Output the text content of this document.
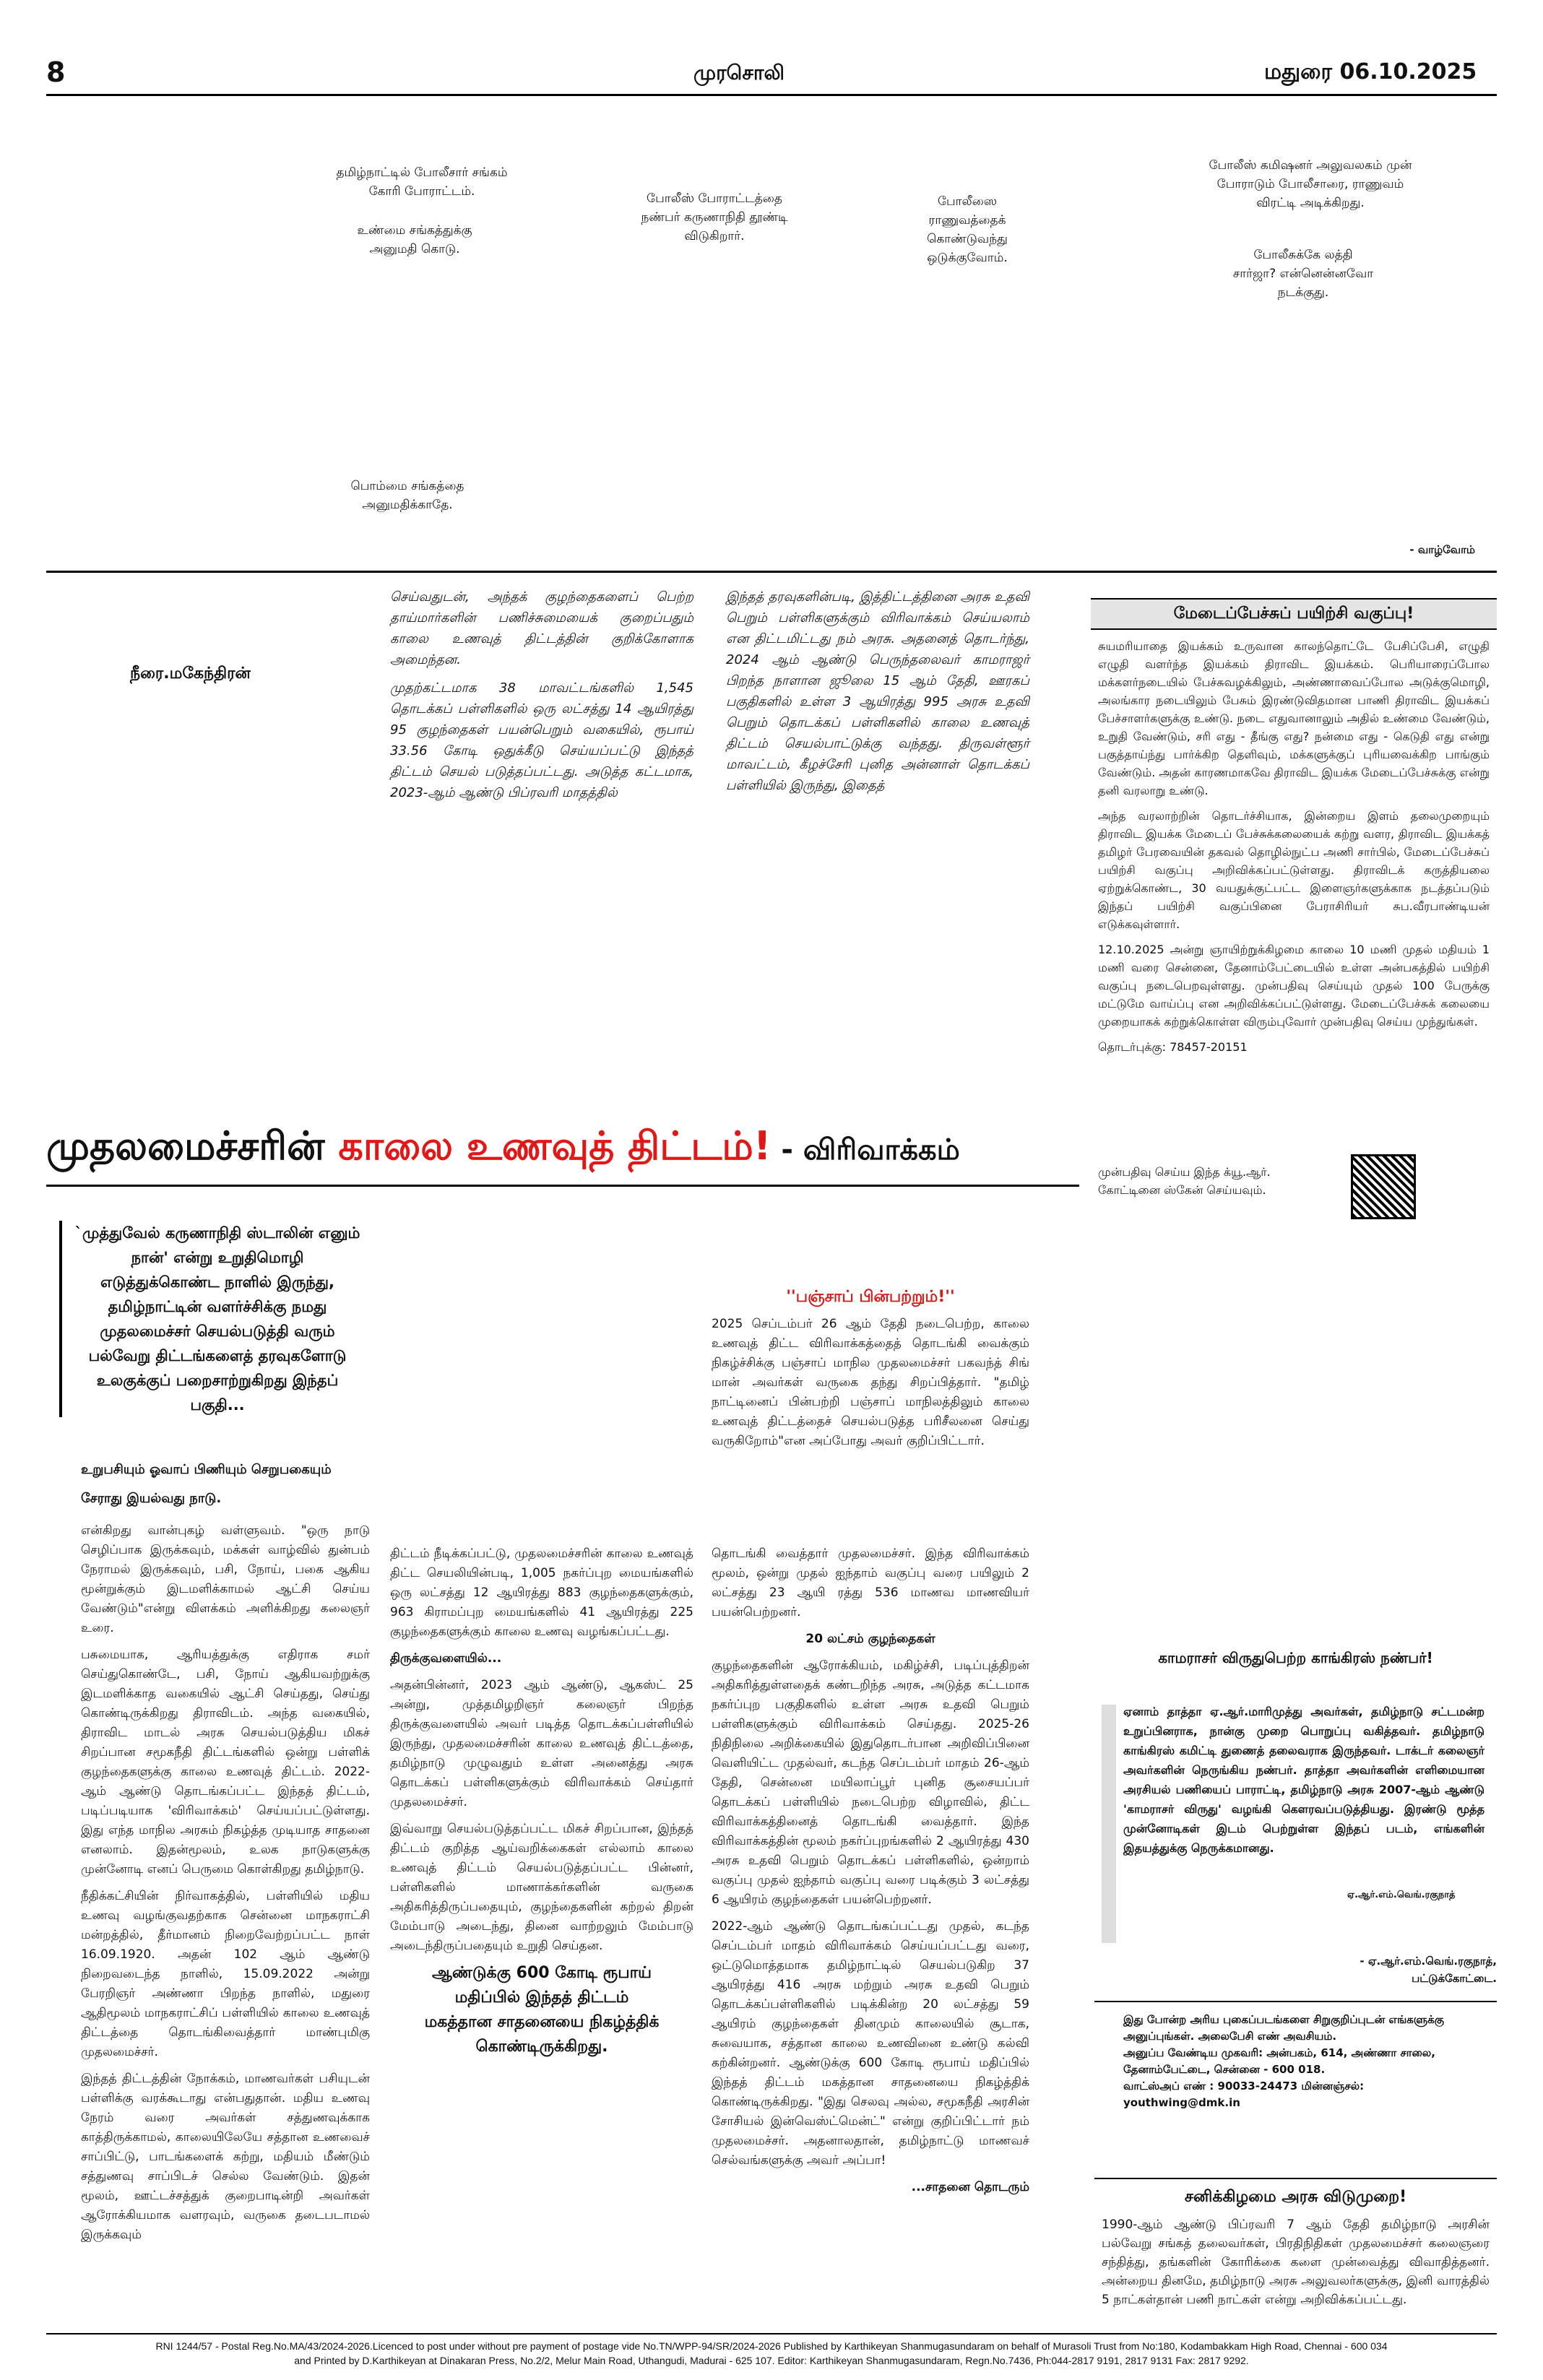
8	முரசொலி	மதுரை 06.10.2025
தமிழ்நாட்டில் போலீசார் சங்கம் கோரி போராட்டம்.
உண்மை சங்கத்துக்கு அனுமதி கொடு.
போலீஸ் போராட்டத்தை நண்பர் கருணாநிதி தூண்டி விடுகிறார்.
போலீஸை ராணுவத்தைக் கொண்டுவந்து ஒடுக்குவோம்.
போலீஸ் கமிஷனர் அலுவலகம் முன் போராடும் போலீசாரை, ராணுவம் விரட்டி அடிக்கிறது.
போலீசுக்கே லத்தி சார்ஜா? என்னென்னவோ நடக்குது.
பொம்மை சங்கத்தை அனுமதிக்காதே.
- வாழ்வோம்
நீரை.மகேந்திரன்

செய்வதுடன், அந்தக் குழந்தைகளைப் பெற்ற தாய்மார்களின் பணிச்சுமையைக் குறைப்பதும் காலை உணவுத் திட்டத்தின் குறிக்கோளாக அமைந்தன.

முதற்கட்டமாக 38 மாவட்டங்களில் 1,545 தொடக்கப் பள்ளிகளில் ஒரு லட்சத்து 14 ஆயிரத்து 95 குழந்தைகள் பயன்பெறும் வகையில், ரூபாய் 33.56 கோடி ஒதுக்கீடு செய்யப்பட்டு இந்தத் திட்டம் செயல் படுத்தப்பட்டது. அடுத்த கட்டமாக, 2023-ஆம் ஆண்டு பிப்ரவரி மாதத்தில்

இந்தத் தரவுகளின்படி, இத்திட்டத்தினை அரசு உதவி பெறும் பள்ளிகளுக்கும் விரிவாக்கம் செய்யலாம் என திட்டமிட்டது நம் அரசு. அதனைத் தொடர்ந்து, 2024 ஆம் ஆண்டு பெருந்தலைவர் காமராஜர் பிறந்த நாளான ஜூலை 15 ஆம் தேதி, ஊரகப் பகுதிகளில் உள்ள 3 ஆயிரத்து 995 அரசு உதவி பெறும் தொடக்கப் பள்ளிகளில் காலை உணவுத் திட்டம் செயல்பாட்டுக்கு வந்தது. திருவள்ளூர் மாவட்டம், கீழச்சேரி புனித அன்னாள் தொடக்கப் பள்ளியில் இருந்து, இதைத்

மேடைப்பேச்சுப் பயிற்சி வகுப்பு!

சுயமரியாதை இயக்கம் உருவான காலந்தொட்டே பேசிப்பேசி, எழுதி எழுதி வளர்ந்த இயக்கம் திராவிட இயக்கம். பெரியாரைப்போல மக்களர்நடையில் பேச்சுவழக்கிலும், அண்ணாவைப்போல அடுக்குமொழி, அலங்கார நடையிலும் பேசும் இரண்டுவிதமான பாணி திராவிட இயக்கப் பேச்சாளர்களுக்கு உண்டு. நடை எதுவானாலும் அதில் உண்மை வேண்டும், உறுதி வேண்டும், சரி எது - தீங்கு எது? நன்மை எது - கெடுதி எது என்று பகுத்தாய்ந்து பார்க்கிற தெளிவும், மக்களுக்குப் புரியவைக்கிற பாங்கும் வேண்டும். அதன் காரணமாகவே திராவிட இயக்க மேடைப்பேச்சுக்கு என்று தனி வரலாறு உண்டு.

அந்த வரலாற்றின் தொடர்ச்சியாக, இன்றைய இளம் தலைமுறையும் திராவிட இயக்க மேடைப் பேச்சுக்கலையைக் கற்று வளர, திராவிட இயக்கத் தமிழர் பேரவையின் தகவல் தொழில்நுட்ப அணி சார்பில், மேடைப்பேச்சுப் பயிற்சி வகுப்பு அறிவிக்கப்பட்டுள்ளது. திராவிடக் கருத்தியலை ஏற்றுக்கொண்ட, 30 வயதுக்குட்பட்ட இளைஞர்களுக்காக நடத்தப்படும் இந்தப் பயிற்சி வகுப்பினை பேராசிரியர் சுப.வீரபாண்டியன் எடுக்கவுள்ளார்.

12.10.2025 அன்று ஞாயிற்றுக்கிழமை காலை 10 மணி முதல் மதியம் 1 மணி வரை சென்னை, தேனாம்பேட்டையில் உள்ள அன்பகத்தில் பயிற்சி வகுப்பு நடைபெறவுள்ளது. முன்பதிவு செய்யும் முதல் 100 பேருக்கு மட்டுமே வாய்ப்பு என அறிவிக்கப்பட்டுள்ளது. மேடைப்பேச்சுக் கலையை முறையாகக் கற்றுக்கொள்ள விரும்புவோர் முன்பதிவு செய்ய முந்துங்கள்.

தொடர்புக்கு: 78457-20151

முன்பதிவு செய்ய இந்த க்யூ.ஆர். கோட்டினை ஸ்கேன் செய்யவும்.
முதலமைச்சரின் காலை உணவுத் திட்டம்! - விரிவாக்கம்
`முத்துவேல் கருணாநிதி ஸ்டாலின் எனும் நான்' என்று உறுதிமொழி எடுத்துக்கொண்ட நாளில் இருந்து, தமிழ்நாட்டின் வளர்ச்சிக்கு நமது முதலமைச்சர் செயல்படுத்தி வரும் பல்வேறு திட்டங்களைத் தரவுகளோடு உலகுக்குப் பறைசாற்றுகிறது இந்தப் பகுதி...

உறுபசியும் ஓவாப் பிணியும் செறுபகையும்

சேராது இயல்வது நாடு.

என்கிறது வான்புகழ் வள்ளுவம். "ஒரு நாடு செழிப்பாக இருக்கவும், மக்கள் வாழ்வில் துன்பம் நேராமல் இருக்கவும், பசி, நோய், பகை ஆகிய மூன்றுக்கும் இடமளிக்காமல் ஆட்சி செய்ய வேண்டும்"என்று விளக்கம் அளிக்கிறது கலைஞர் உரை.

பசுமையாக, ஆரியத்துக்கு எதிராக சமர் செய்துகொண்டே, பசி, நோய் ஆகியவற்றுக்கு இடமளிக்காத வகையில் ஆட்சி செய்தது, செய்து கொண்டிருக்கிறது திராவிடம். அந்த வகையில், திராவிட மாடல் அரசு செயல்படுத்திய மிகச் சிறப்பான சமூகநீதி திட்டங்களில் ஒன்று பள்ளிக் குழந்தைகளுக்கு காலை உணவுத் திட்டம். 2022-ஆம் ஆண்டு தொடங்கப்பட்ட இந்தத் திட்டம், படிப்படியாக 'விரிவாக்கம்' செய்யப்பட்டுள்ளது. இது எந்த மாநில அரசும் நிகழ்த்த முடியாத சாதனை எனலாம். இதன்மூலம், உலக நாடுகளுக்கு முன்னோடி எனப் பெருமை கொள்கிறது தமிழ்நாடு.

நீதிக்கட்சியின் நிர்வாகத்தில், பள்ளியில் மதிய உணவு வழங்குவதற்காக சென்னை மாநகராட்சி மன்றத்தில், தீர்மானம் நிறைவேற்றப்பட்ட நாள் 16.09.1920. அதன் 102 ஆம் ஆண்டு நிறைவடைந்த நாளில், 15.09.2022 அன்று பேரறிஞர் அண்ணா பிறந்த நாளில், மதுரை ஆதிமூலம் மாநகராட்சிப் பள்ளியில் காலை உணவுத் திட்டத்தை தொடங்கிவைத்தார் மாண்புமிகு முதலமைச்சர்.

இந்தத் திட்டத்தின் நோக்கம், மாணவர்கள் பசியுடன் பள்ளிக்கு வரக்கூடாது என்பதுதான். மதிய உணவு நேரம் வரை அவர்கள் சத்துணவுக்காக காத்திருக்காமல், காலையிலேயே சத்தான உணவைச் சாப்பிட்டு, பாடங்களைக் கற்று, மதியம் மீண்டும் சத்துணவு சாப்பிடச் செல்ல வேண்டும். இதன் மூலம், ஊட்டச்சத்துக் குறைபாடின்றி அவர்கள் ஆரோக்கியமாக வளரவும், வருகை தடைபடாமல் இருக்கவும்

திட்டம் நீடிக்கப்பட்டு, முதலமைச்சரின் காலை உணவுத் திட்ட செயலியின்படி, 1,005 நகர்ப்புற மையங்களில் ஒரு லட்சத்து 12 ஆயிரத்து 883 குழந்தைகளுக்கும், 963 கிராமப்புற மையங்களில் 41 ஆயிரத்து 225 குழந்தைகளுக்கும் காலை உணவு வழங்கப்பட்டது.

திருக்குவளையில்...

அதன்பின்னர், 2023 ஆம் ஆண்டு, ஆகஸ்ட் 25 அன்று, முத்தமிழறிஞர் கலைஞர் பிறந்த திருக்குவளையில் அவர் படித்த தொடக்கப்பள்ளியில் இருந்து, முதலமைச்சரின் காலை உணவுத் திட்டத்தை, தமிழ்நாடு முழுவதும் உள்ள அனைத்து அரசு தொடக்கப் பள்ளிகளுக்கும் விரிவாக்கம் செய்தார் முதலமைச்சர்.

இவ்வாறு செயல்படுத்தப்பட்ட மிகச் சிறப்பான, இந்தத் திட்டம் குறித்த ஆய்வறிக்கைகள் எல்லாம் காலை உணவுத் திட்டம் செயல்படுத்தப்பட்ட பின்னர், பள்ளிகளில் மாணாக்கர்களின் வருகை அதிகரித்திருப்பதையும், குழந்தைகளின் கற்றல் திறன் மேம்பாடு அடைந்து, தினை வாற்றலும் மேம்பாடு அடைந்திருப்பதையும் உறுதி செய்தன.

ஆண்டுக்கு 600 கோடி ரூபாய் மதிப்பில் இந்தத் திட்டம் மகத்தான சாதனையை நிகழ்த்திக் கொண்டிருக்கிறது.

''பஞ்சாப் பின்பற்றும்!''

2025 செப்டம்பர் 26 ஆம் தேதி நடைபெற்ற, காலை உணவுத் திட்ட விரிவாக்கத்தைத் தொடங்கி வைக்கும் நிகழ்ச்சிக்கு பஞ்சாப் மாநில முதலமைச்சர் பகவந்த் சிங் மான் அவர்கள் வருகை தந்து சிறப்பித்தார். "தமிழ் நாட்டினைப் பின்பற்றி பஞ்சாப் மாநிலத்திலும் காலை உணவுத் திட்டத்தைச் செயல்படுத்த பரிசீலனை செய்து வருகிறோம்"என அப்போது அவர் குறிப்பிட்டார்.

தொடங்கி வைத்தார் முதலமைச்சர். இந்த விரிவாக்கம் மூலம், ஒன்று முதல் ஐந்தாம் வகுப்பு வரை பயிலும் 2 லட்சத்து 23 ஆயி ரத்து 536 மாணவ மாணவியர் பயன்பெற்றனர்.

20 லட்சம் குழந்தைகள்

குழந்தைகளின் ஆரோக்கியம், மகிழ்ச்சி, படிப்புத்திறன் அதிகரித்துள்ளதைக் கண்டறிந்த அரசு, அடுத்த கட்டமாக நகர்ப்புற பகுதிகளில் உள்ள அரசு உதவி பெறும் பள்ளிகளுக்கும் விரிவாக்கம் செய்தது. 2025-26 நிதிநிலை அறிக்கையில் இதுதொடர்பான அறிவிப்பினை வெளியிட்ட முதல்வர், கடந்த செப்டம்பர் மாதம் 26-ஆம் தேதி, சென்னை மயிலாப்பூர் புனித சூசையப்பர் தொடக்கப் பள்ளியில் நடைபெற்ற விழாவில், திட்ட விரிவாக்கத்தினைத் தொடங்கி வைத்தார். இந்த விரிவாக்கத்தின் மூலம் நகர்ப்புறங்களில் 2 ஆயிரத்து 430 அரசு உதவி பெறும் தொடக்கப் பள்ளிகளில், ஒன்றாம் வகுப்பு முதல் ஐந்தாம் வகுப்பு வரை படிக்கும் 3 லட்சத்து 6 ஆயிரம் குழந்தைகள் பயன்பெற்றனர்.

2022-ஆம் ஆண்டு தொடங்கப்பட்டது முதல், கடந்த செப்டம்பர் மாதம் விரிவாக்கம் செய்யப்பட்டது வரை, ஒட்டுமொத்தமாக தமிழ்நாட்டில் செயல்படுகிற 37 ஆயிரத்து 416 அரசு மற்றும் அரசு உதவி பெறும் தொடக்கப்பள்ளிகளில் படிக்கின்ற 20 லட்சத்து 59 ஆயிரம் குழந்தைகள் தினமும் காலையில் சூடாக, சுவையாக, சத்தான காலை உணவினை உண்டு கல்வி கற்கின்றனர். ஆண்டுக்கு 600 கோடி ரூபாய் மதிப்பில் இந்தத் திட்டம் மகத்தான சாதனையை நிகழ்த்திக் கொண்டிருக்கிறது. "இது செலவு அல்ல, சமூகநீதி அரசின் சோசியல் இன்வெஸ்ட்மென்ட்" என்று குறிப்பிட்டார் நம் முதலமைச்சர். அதனாலதான், தமிழ்நாட்டு மாணவச் செல்வங்களுக்கு அவர் அப்பா!

...சாதனை தொடரும்

காமராசர் விருதுபெற்ற காங்கிரஸ் நண்பர்!
ஏனாம் தாத்தா ஏ.ஆர்.மாரிமுத்து அவர்கள், தமிழ்நாடு சட்டமன்ற உறுப்பினராக, நான்கு முறை பொறுப்பு வகித்தவர். தமிழ்நாடு காங்கிரஸ் கமிட்டி துணைத் தலைவராக இருந்தவர். டாக்டர் கலைஞர் அவர்களின் நெருங்கிய நண்பர். தாத்தா அவர்களின் எளிமையான அரசியல் பணியைப் பாராட்டி, தமிழ்நாடு அரசு 2007-ஆம் ஆண்டு 'காமராசர் விருது' வழங்கி கௌரவப்படுத்தியது. இரண்டு மூத்த முன்னோடிகள் இடம் பெற்றுள்ள இந்தப் படம், எங்களின் இதயத்துக்கு நெருக்கமானது.
ஏ.ஆர்.எம்.வெங்.ரகுநாத்
- ஏ.ஆர்.எம்.வெங்.ரகுநாத், பட்டுக்கோட்டை.

இது போன்ற அரிய புகைப்படங்களை சிறுகுறிப்புடன் எங்களுக்கு அனுப்புங்கள். அலைபேசி எண் அவசியம்.

அனுப்ப வேண்டிய முகவரி: அன்பகம், 614, அண்ணா சாலை, தேனாம்பேட்டை, சென்னை - 600 018.

வாட்ஸ்அப் எண் : 90033-24473 மின்னஞ்சல்: youthwing@dmk.in

சனிக்கிழமை அரசு விடுமுறை!
1990-ஆம் ஆண்டு பிப்ரவரி 7 ஆம் தேதி தமிழ்நாடு அரசின் பல்வேறு சங்கத் தலைவர்கள், பிரதிநிதிகள் முதலமைச்சர் கலைஞரை சந்தித்து, தங்களின் கோரிக்கை களை முன்வைத்து விவாதித்தனர். அன்றைய தினமே, தமிழ்நாடு அரசு அலுவலர்களுக்கு, இனி வாரத்தில் 5 நாட்கள்தான் பணி நாட்கள் என்று அறிவிக்கப்பட்டது.

RNI 1244/57 - Postal Reg.No.MA/43/2024-2026.Licenced to post under without pre payment of postage vide No.TN/WPP-94/SR/2024-2026 Published by Karthikeyan Shanmugasundaram on behalf of Murasoli Trust from No:180, Kodambakkam High Road, Chennai - 600 034

and Printed by D.Karthikeyan at Dinakaran Press, No.2/2, Melur Main Road, Uthangudi, Madurai - 625 107. Editor: Karthikeyan Shanmugasundaram, Regn.No.7436, Ph:044-2817 9191, 2817 9131 Fax: 2817 9292.
